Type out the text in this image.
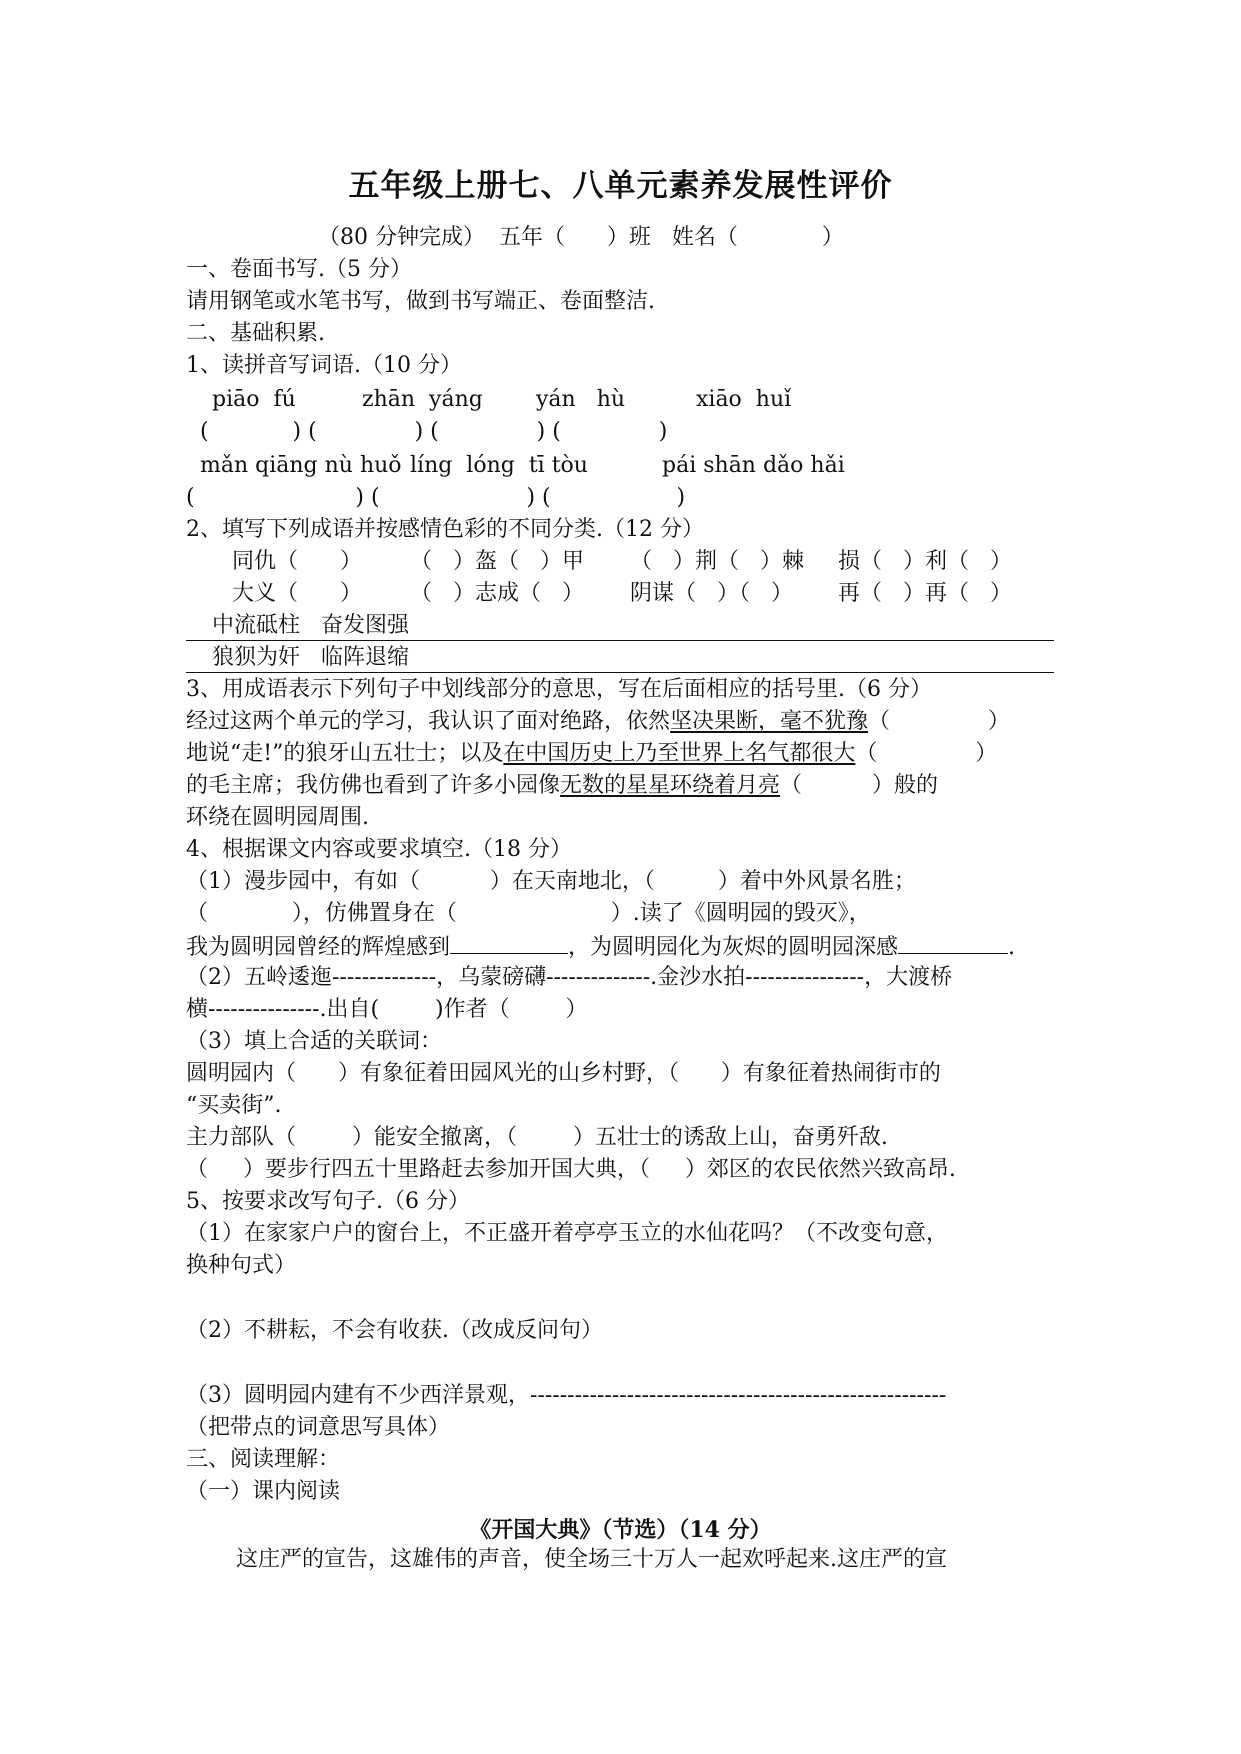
五年级上册七、八单元素养发展性评价
（80 分钟完成）  五年（      ）班   姓名（            ）
一、卷面书写.（5 分）
请用钢笔或水笔书写，做到书写端正、卷面整洁.
二、基础积累.
1、读拼音写词语.（10 分）
piāo  fú	zhān  yáng yán   hù	xiāo  huǐ
(            ) (              ) (              ) (              )
mǎn qiāng nù huǒ líng  lóng  tī tòu	pái shān dǎo hǎi
(                       ) (                     ) (                  )
2、填写下列成语并按感情色彩的不同分类.（12 分）
同仇（      ） （   ）盔（   ）甲 （   ）荆（   ）棘 损（   ）利（   ）
大义（      ） （   ）志成（   ） 阴谋（   ）（   ） 再（   ）再（   ）
中流砥柱   奋发图强
狼狈为奸   临阵退缩
3、用成语表示下列句子中划线部分的意思，写在后面相应的括号里.（6 分）
经过这两个单元的学习，我认识了面对绝路，依然坚决果断，毫不犹豫（              ）
地说“走!”的狼牙山五壮士；以及在中国历史上乃至世界上名气都很大（              ）
的毛主席；我仿佛也看到了许多小园像无数的星星环绕着月亮（          ）般的
环绕在圆明园周围.
4、根据课文内容或要求填空.（18 分）
（1）漫步园中，有如（          ）在天南地北，（         ）着中外风景名胜；
（            ），仿佛置身在（                      ）.读了《圆明园的毁灭》，
我为圆明园曾经的辉煌感到	，为圆明园化为灰烬的圆明园深感	.
（2）五岭逶迤--------------，乌蒙磅礴--------------.金沙水拍----------------，大渡桥
横---------------.出自(        )作者（        ）
（3）填上合适的关联词：
圆明园内（      ）有象征着田园风光的山乡村野，（      ）有象征着热闹街市的
“买卖街”.
主力部队（        ）能安全撤离，（        ）五壮士的诱敌上山，奋勇歼敌.
（     ）要步行四五十里路赶去参加开国大典，（     ）郊区的农民依然兴致高昂.
5、按要求改写句子.（6 分）
（1）在家家户户的窗台上，不正盛开着亭亭玉立的水仙花吗？（不改变句意，
换种句式）
（2）不耕耘，不会有收获.（改成反问句）
（3）圆明园内建有不少西洋景观，--------------------------------------------------------
（把带点的词意思写具体）
三、阅读理解：
（一）课内阅读
《开国大典》（节选）（14 分）
这庄严的宣告，这雄伟的声音，使全场三十万人一起欢呼起来.这庄严的宣
